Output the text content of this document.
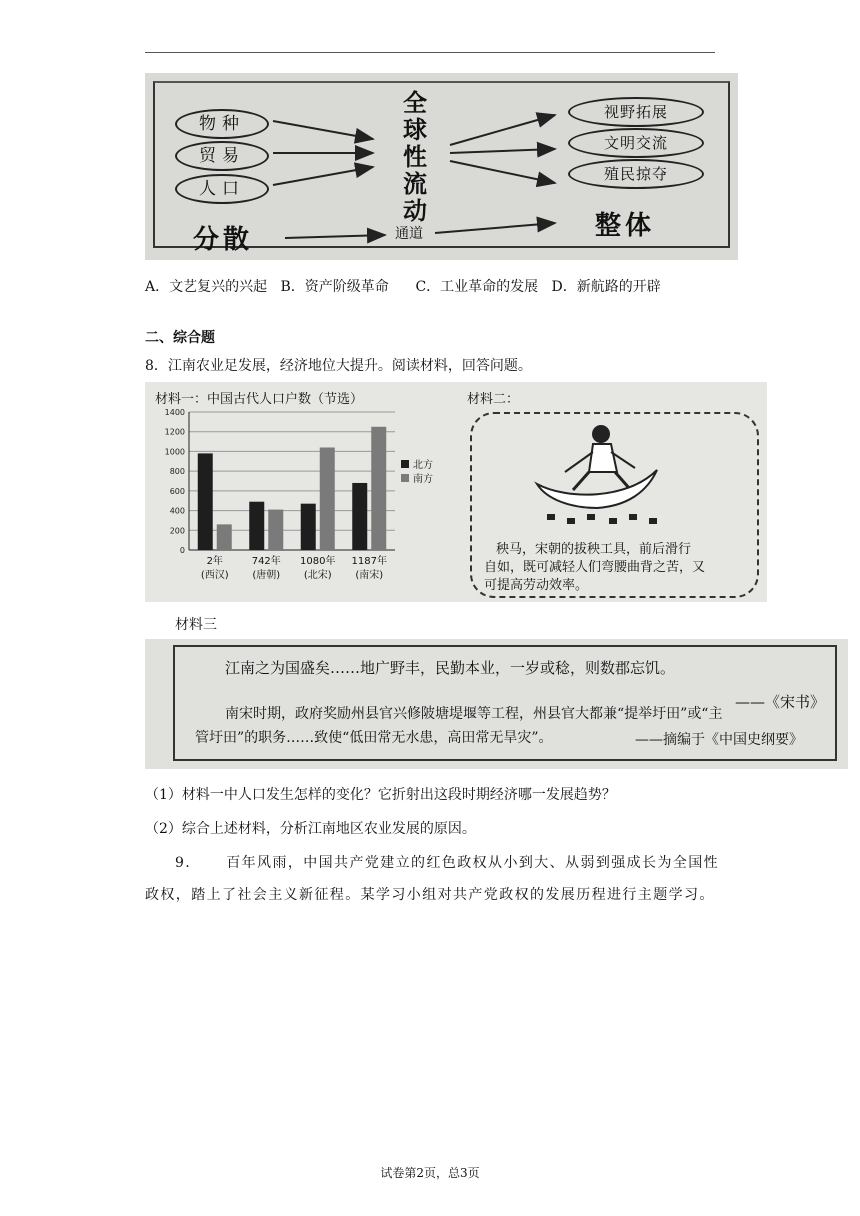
物种
贸易
人口
全球性流动
视野拓展
文明交流
殖民掠夺
分散	通道	整体
A．文艺复兴的兴起   B．资产阶级革命      C．工业革命的发展   D．新航路的开辟
二、综合题
8．江南农业足发展，经济地位大提升。阅读材料，回答问题。
材料一：中国古代人口户数（节选）	材料二：
0
200
400
600
800
1000
1200
1400
2年
(西汉)
742年
(唐朝)
1080年
(北宋)
1187年
(南宋)
北方
南方
秧马，宋朝的拔秧工具，前后滑行
自如，既可减轻人们弯腰曲背之苦，又
可提高劳动效率。
材料三
江南之为国盛矣……地广野丰，民勤本业，一岁或稔，则数郡忘饥。
——《宋书》
南宋时期，政府奖励州县官兴修陂塘堤堰等工程，州县官大都兼“提举圩田”或“主
管圩田”的职务……致使“低田常无水患，高田常无旱灾”。	——摘编于《中国史纲要》
（1）材料一中人口发生怎样的变化？它折射出这段时期经济哪一发展趋势？
（2）综合上述材料，分析江南地区农业发展的原因。
9.      百年风雨，中国共产党建立的红色政权从小到大、从弱到强成长为全国性
政权，踏上了社会主义新征程。某学习小组对共产党政权的发展历程进行主题学习。
试卷第2页，总3页
